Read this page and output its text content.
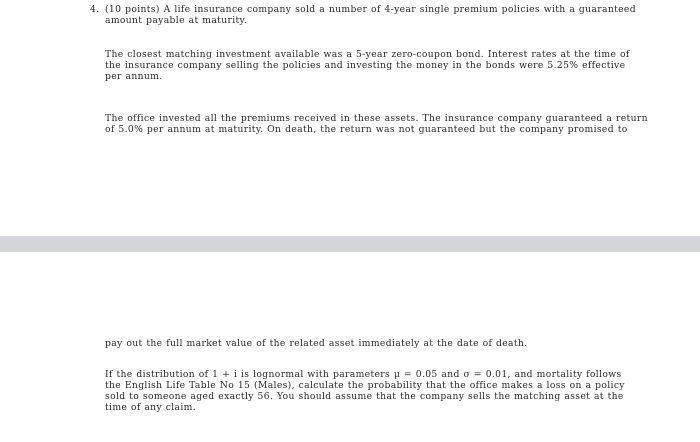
4. (10 points) A life insurance company sold a number of 4-year single premium policies with a guaranteed
amount payable at maturity.
The closest matching investment available was a 5-year zero-coupon bond. Interest rates at the time of
the insurance company selling the policies and investing the money in the bonds were 5.25% effective
per annum.
The office invested all the premiums received in these assets. The insurance company guaranteed a return
of 5.0% per annum at maturity. On death, the return was not guaranteed but the company promised to
pay out the full market value of the related asset immediately at the date of death.
If the distribution of 1 + i is lognormal with parameters μ = 0.05 and σ = 0.01, and mortality follows
the English Life Table No 15 (Males), calculate the probability that the office makes a loss on a policy
sold to someone aged exactly 56. You should assume that the company sells the matching asset at the
time of any claim.
